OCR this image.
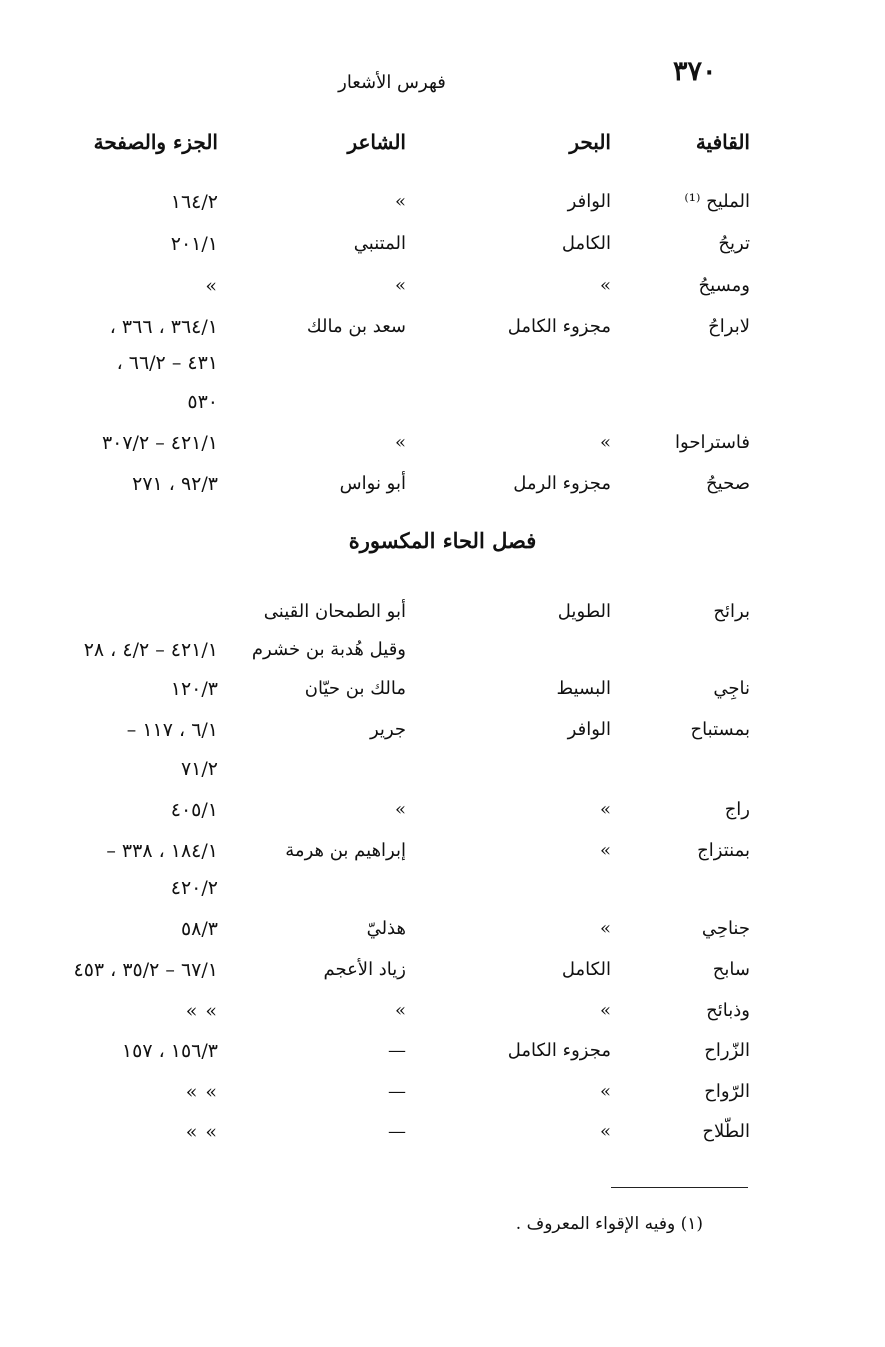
٣٧٠
فهرس الأشعار
القافية
البحر
الشاعر
الجزء والصفحة
المليح ⁽¹⁾
الوافر
»
١٦٤/٢
تريحُ
الكامل
المتنبي
٢٠١/١
ومسيحُ
»
»
»
لابراحُ
مجزوء الكامل
سعد بن مالك
٣٦٤/١ ، ٣٦٦ ،
٤٣١ – ٦٦/٢ ،
٥٣٠
فاستراحوا
»
»
٤٢١/١ – ٣٠٧/٢
صحيحُ
مجزوء الرمل
أبو نواس
٩٢/٣ ، ٢٧١
فصل الحاء المكسورة
برائح
الطويل
أبو الطمحان القينى
وقيل هُدبة بن خشرم
٤٢١/١ – ٤/٢ ، ٢٨
ناجِي
البسيط
مالك بن حيّان
١٢٠/٣
بمستباح
الوافر
جرير
٦/١ ، ١١٧ –
٧١/٢
راج
»
»
٤٠٥/١
بمنتزاج
»
إبراهيم بن هرمة
١٨٤/١ ، ٣٣٨ –
٤٢٠/٢
جناحِي
»
هذليّ
٥٨/٣
سابح
الكامل
زياد الأعجم
٦٧/١ – ٣٥/٢ ، ٤٥٣
وذبائح
»
»
» »
الزّراح
مجزوء الكامل
—
١٥٦/٣ ، ١٥٧
الرّواح
»
—
» »
الطّلاح
»
—
» »
(١) وفيه الإقواء المعروف .
